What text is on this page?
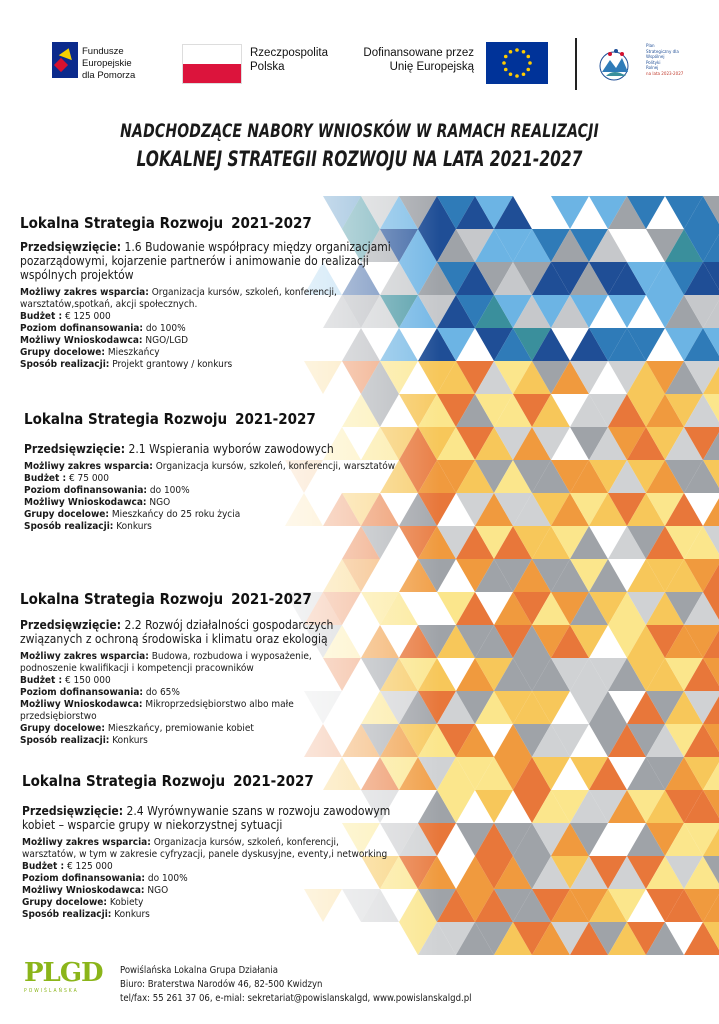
Fundusze Europejskie
dla Pomorza
Rzeczpospolita
Polska
Dofinansowane przez
Unię Europejską
Plan
Strategiczny dla
Wspólnej
Polityki
Rolnej
na lata 2023-2027
NADCHODZĄCE NABORY WNIOSKÓW W RAMACH REALIZACJI
LOKALNEJ STRATEGII ROZWOJU NA LATA 2021-2027
Lokalna Strategia Rozwoju 2021-2027
Przedsięwzięcie: 1.6 Budowanie współpracy między organizacjami pozarządowymi, kojarzenie partnerów i animowanie do realizacji wspólnych projektów
Możliwy zakres wsparcia: Organizacja kursów, szkoleń, konferencji, warsztatów,spotkań, akcji społecznych.
Budżet : € 125 000
Poziom dofinansowania: do 100%
Możliwy Wnioskodawca: NGO/LGD
Grupy docelowe: Mieszkańcy
Sposób realizacji: Projekt grantowy / konkurs
Lokalna Strategia Rozwoju 2021-2027
Przedsięwzięcie: 2.1 Wspierania wyborów zawodowych
Możliwy zakres wsparcia: Organizacja kursów, szkoleń, konferencji, warsztatów
Budżet : € 75 000
Poziom dofinansowania: do 100%
Możliwy Wnioskodawca: NGO
Grupy docelowe: Mieszkańcy do 25 roku życia
Sposób realizacji: Konkurs
Lokalna Strategia Rozwoju 2021-2027
Przedsięwzięcie: 2.2 Rozwój działalności gospodarczych związanych z ochroną środowiska i klimatu oraz ekologią
Możliwy zakres wsparcia: Budowa, rozbudowa i wyposażenie, podnoszenie kwalifikacji i kompetencji pracowników
Budżet : € 150 000
Poziom dofinansowania: do 65%
Możliwy Wnioskodawca: Mikroprzedsiębiorstwo albo małe przedsiębiorstwo
Grupy docelowe: Mieszkańcy, premiowanie kobiet
Sposób realizacji: Konkurs
Lokalna Strategia Rozwoju 2021-2027
Przedsięwzięcie: 2.4 Wyrównywanie szans w rozwoju zawodowym kobiet – wsparcie grupy w niekorzystnej sytuacji
Możliwy zakres wsparcia: Organizacja kursów, szkoleń, konferencji, warsztatów, w tym w zakresie cyfryzacji, panele dyskusyjne, eventy,i networking
Budżet : € 125 000
Poziom dofinansowania: do 100%
Możliwy Wnioskodawca: NGO
Grupy docelowe: Kobiety
Sposób realizacji: Konkurs
PLGD
POWIŚLAŃSKA
Powiślańska Lokalna Grupa Działania
Biuro: Braterstwa Narodów 46, 82-500 Kwidzyn
tel/fax: 55 261 37 06, e-mial: sekretariat@powislanskalgd, www.powislanskalgd.pl
